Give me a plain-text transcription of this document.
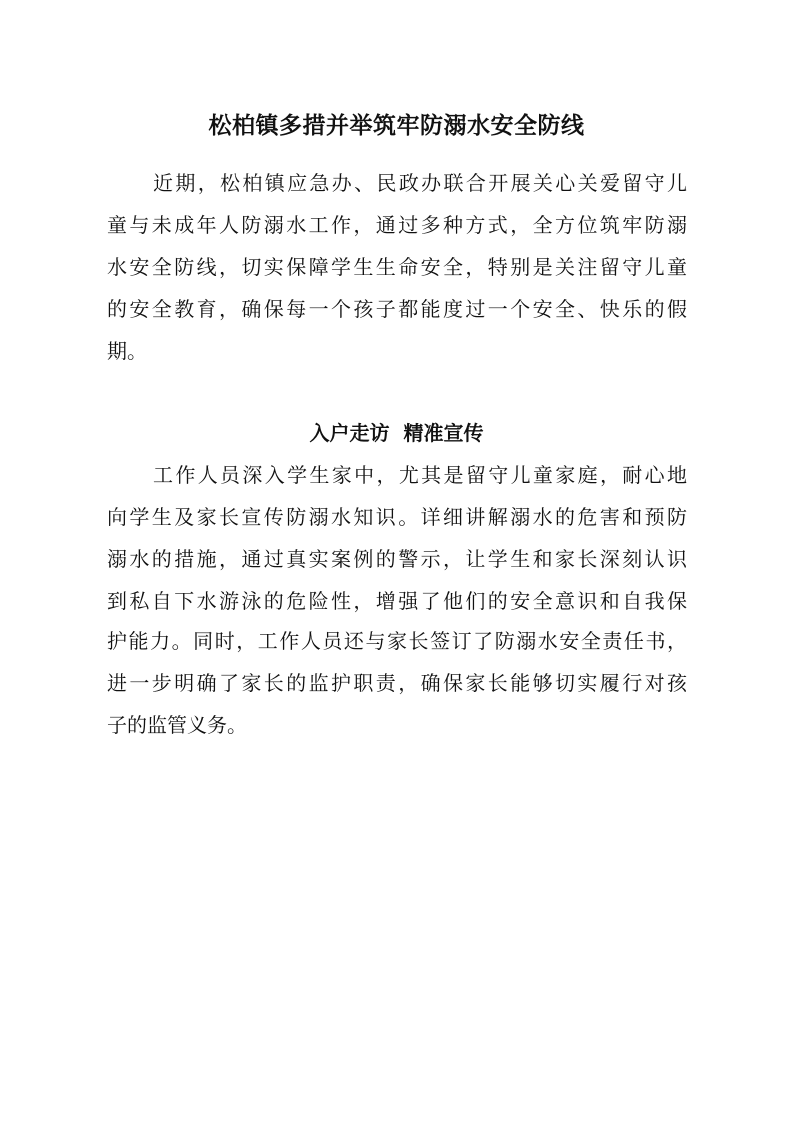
松柏镇多措并举筑牢防溺水安全防线
近期，松柏镇应急办、民政办联合开展关心关爱留守儿
童与未成年人防溺水工作，通过多种方式，全方位筑牢防溺
水安全防线，切实保障学生生命安全，特别是关注留守儿童
的安全教育，确保每一个孩子都能度过一个安全、快乐的假
期。
入户走访  精准宣传
工作人员深入学生家中，尤其是留守儿童家庭，耐心地
向学生及家长宣传防溺水知识。详细讲解溺水的危害和预防
溺水的措施，通过真实案例的警示，让学生和家长深刻认识
到私自下水游泳的危险性，增强了他们的安全意识和自我保
护能力。同时，工作人员还与家长签订了防溺水安全责任书，
进一步明确了家长的监护职责，确保家长能够切实履行对孩
子的监管义务。
